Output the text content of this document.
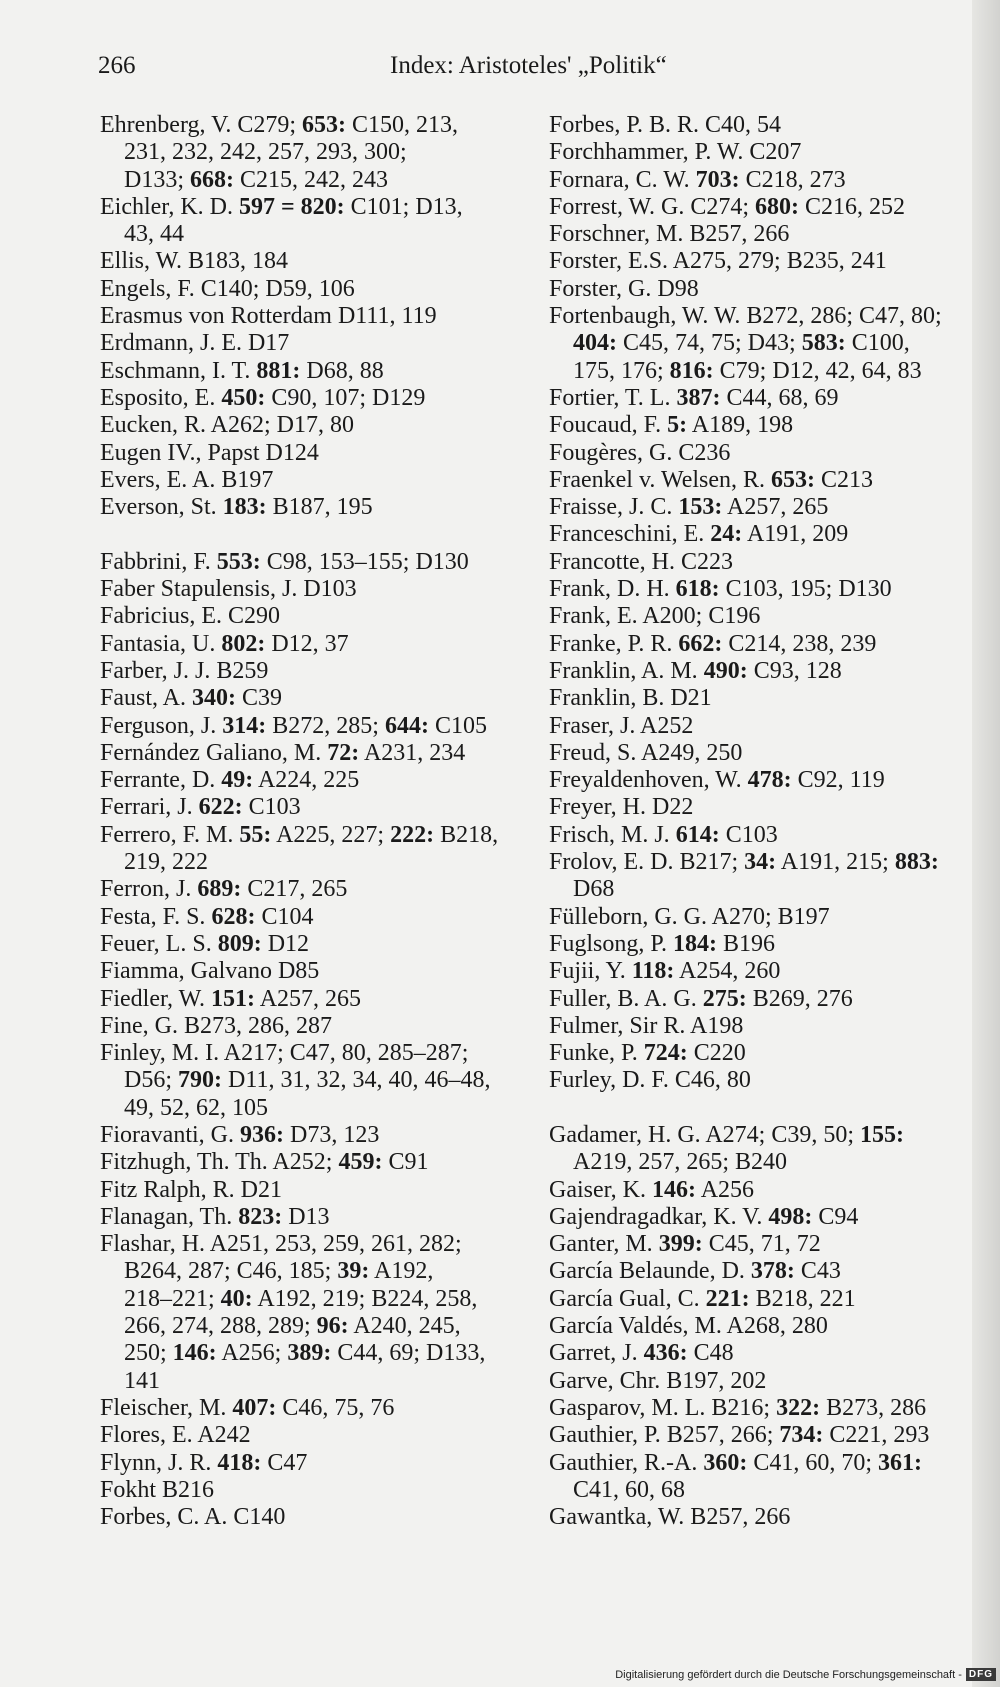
266	Index: Aristoteles' „Politik“
Ehrenberg, V. C279; 653: C150, 213,
231, 232, 242, 257, 293, 300;
D133; 668: C215, 242, 243
Eichler, K. D. 597 = 820: C101; D13,
43, 44
Ellis, W. B183, 184
Engels, F. C140; D59, 106
Erasmus von Rotterdam D111, 119
Erdmann, J. E. D17
Eschmann, I. T. 881: D68, 88
Esposito, E. 450: C90, 107; D129
Eucken, R. A262; D17, 80
Eugen IV., Papst D124
Evers, E. A. B197
Everson, St. 183: B187, 195
Fabbrini, F. 553: C98, 153–155; D130
Faber Stapulensis, J. D103
Fabricius, E. C290
Fantasia, U. 802: D12, 37
Farber, J. J. B259
Faust, A. 340: C39
Ferguson, J. 314: B272, 285; 644: C105
Fernández Galiano, M. 72: A231, 234
Ferrante, D. 49: A224, 225
Ferrari, J. 622: C103
Ferrero, F. M. 55: A225, 227; 222: B218,
219, 222
Ferron, J. 689: C217, 265
Festa, F. S. 628: C104
Feuer, L. S. 809: D12
Fiamma, Galvano D85
Fiedler, W. 151: A257, 265
Fine, G. B273, 286, 287
Finley, M. I. A217; C47, 80, 285–287;
D56; 790: D11, 31, 32, 34, 40, 46–48,
49, 52, 62, 105
Fioravanti, G. 936: D73, 123
Fitzhugh, Th. Th. A252; 459: C91
Fitz Ralph, R. D21
Flanagan, Th. 823: D13
Flashar, H. A251, 253, 259, 261, 282;
B264, 287; C46, 185; 39: A192,
218–221; 40: A192, 219; B224, 258,
266, 274, 288, 289; 96: A240, 245,
250; 146: A256; 389: C44, 69; D133,
141
Fleischer, M. 407: C46, 75, 76
Flores, E. A242
Flynn, J. R. 418: C47
Fokht B216
Forbes, C. A. C140
Forbes, P. B. R. C40, 54
Forchhammer, P. W. C207
Fornara, C. W. 703: C218, 273
Forrest, W. G. C274; 680: C216, 252
Forschner, M. B257, 266
Forster, E.S. A275, 279; B235, 241
Forster, G. D98
Fortenbaugh, W. W. B272, 286; C47, 80;
404: C45, 74, 75; D43; 583: C100,
175, 176; 816: C79; D12, 42, 64, 83
Fortier, T. L. 387: C44, 68, 69
Foucaud, F. 5: A189, 198
Fougères, G. C236
Fraenkel v. Welsen, R. 653: C213
Fraisse, J. C. 153: A257, 265
Franceschini, E. 24: A191, 209
Francotte, H. C223
Frank, D. H. 618: C103, 195; D130
Frank, E. A200; C196
Franke, P. R. 662: C214, 238, 239
Franklin, A. M. 490: C93, 128
Franklin, B. D21
Fraser, J. A252
Freud, S. A249, 250
Freyaldenhoven, W. 478: C92, 119
Freyer, H. D22
Frisch, M. J. 614: C103
Frolov, E. D. B217; 34: A191, 215; 883:
D68
Fülleborn, G. G. A270; B197
Fuglsong, P. 184: B196
Fujii, Y. 118: A254, 260
Fuller, B. A. G. 275: B269, 276
Fulmer, Sir R. A198
Funke, P. 724: C220
Furley, D. F. C46, 80
Gadamer, H. G. A274; C39, 50; 155:
A219, 257, 265; B240
Gaiser, K. 146: A256
Gajendragadkar, K. V. 498: C94
Ganter, M. 399: C45, 71, 72
García Belaunde, D. 378: C43
García Gual, C. 221: B218, 221
García Valdés, M. A268, 280
Garret, J. 436: C48
Garve, Chr. B197, 202
Gasparov, M. L. B216; 322: B273, 286
Gauthier, P. B257, 266; 734: C221, 293
Gauthier, R.-A. 360: C41, 60, 70; 361:
C41, 60, 68
Gawantka, W. B257, 266
Digitalisierung gefördert durch die Deutsche Forschungsgemeinschaft - DFG
